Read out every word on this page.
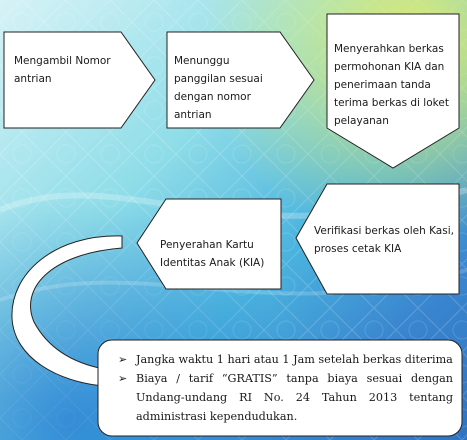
Mengambil Nomor antrian

Menunggu panggilan sesuai dengan nomor antrian

Menyerahkan berkas permohonan KIA dan penerimaan tanda terima berkas di loket pelayanan

Verifikasi berkas oleh Kasi, proses cetak KIA

Penyerahan Kartu Identitas Anak (KIA)

➢ Jangka waktu 1 hari atau 1 Jam setelah berkas diterima
➢ Biaya / tarif “GRATIS” tanpa biaya sesuai dengan Undang-undang RI No. 24 Tahun 2013 tentang administrasi kependudukan.
